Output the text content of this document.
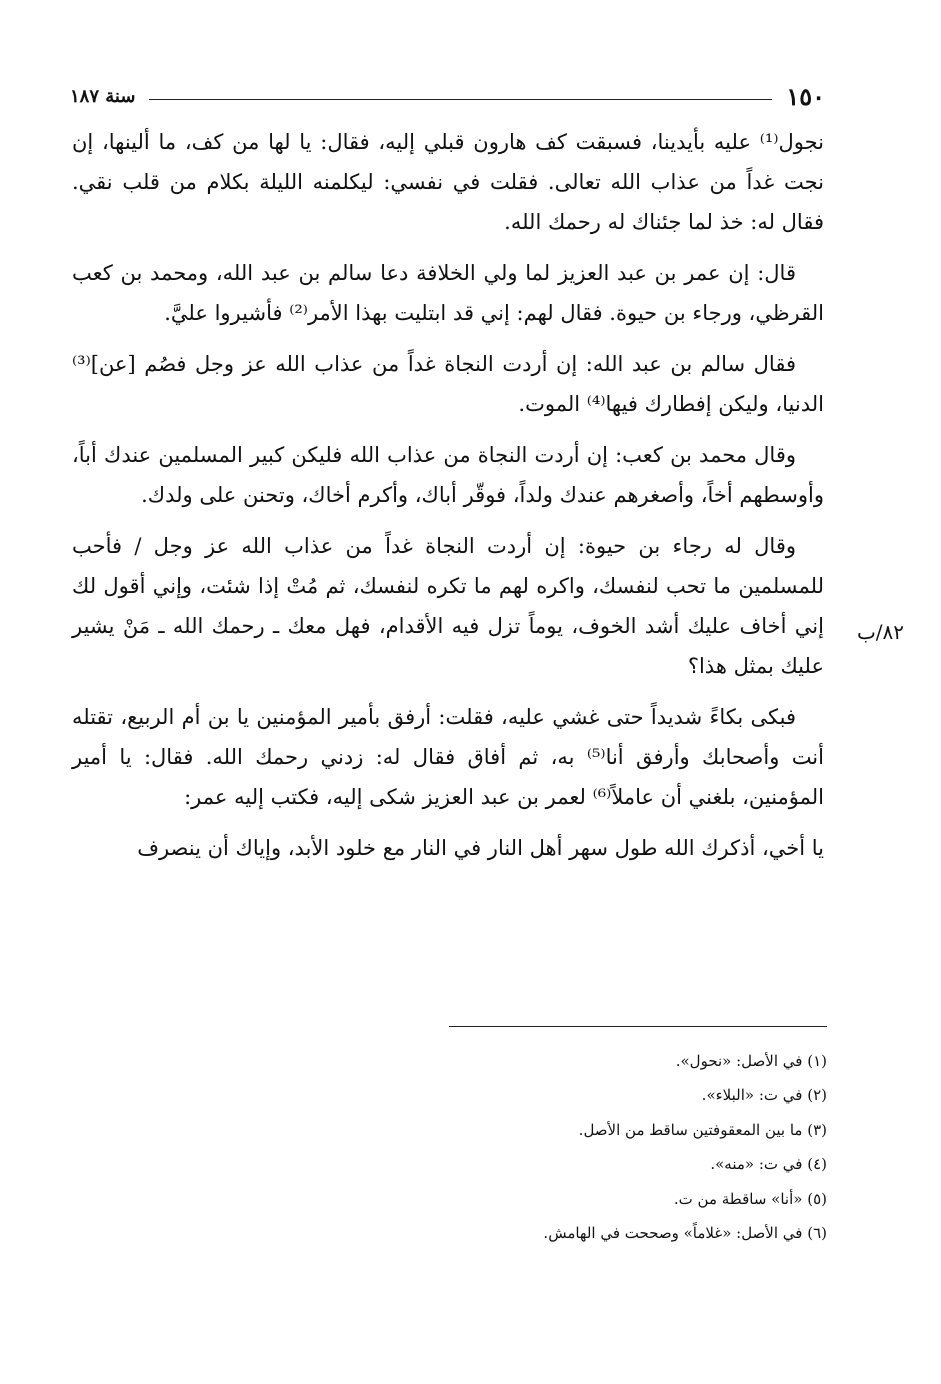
١٥٠
سنة ١٨٧
٨٢/ب

نجول⁽¹⁾ عليه بأيدينا، فسبقت كف هارون قبلي إليه، فقال: يا لها من كف، ما ألينها، إن نجت غداً من عذاب الله تعالى. فقلت في نفسي: ليكلمنه الليلة بكلام من قلب نقي. فقال له: خذ لما جئناك له رحمك الله.

قال: إن عمر بن عبد العزيز لما ولي الخلافة دعا سالم بن عبد الله، ومحمد بن كعب القرظي، ورجاء بن حيوة. فقال لهم: إني قد ابتليت بهذا الأمر⁽²⁾ فأشيروا عليَّ.

فقال سالم بن عبد الله: إن أردت النجاة غداً من عذاب الله عز وجل فصُم [عن]⁽³⁾ الدنيا، وليكن إفطارك فيها⁽⁴⁾ الموت.

وقال محمد بن كعب: إن أردت النجاة من عذاب الله فليكن كبير المسلمين عندك أباً، وأوسطهم أخاً، وأصغرهم عندك ولداً، فوقّر أباك، وأكرم أخاك، وتحنن على ولدك.

وقال له رجاء بن حيوة: إن أردت النجاة غداً من عذاب الله عز وجل / فأحب للمسلمين ما تحب لنفسك، واكره لهم ما تكره لنفسك، ثم مُتْ إذا شئت، وإني أقول لك إني أخاف عليك أشد الخوف، يوماً تزل فيه الأقدام، فهل معك ـ رحمك الله ـ مَنْ يشير عليك بمثل هذا؟

فبكى بكاءً شديداً حتى غشي عليه، فقلت: أرفق بأمير المؤمنين يا بن أم الربيع، تقتله أنت وأصحابك وأرفق أنا⁽⁵⁾ به، ثم أفاق فقال له: زدني رحمك الله. فقال: يا أمير المؤمنين، بلغني أن عاملاً⁽⁶⁾ لعمر بن عبد العزيز شكى إليه، فكتب إليه عمر:

يا أخي، أذكرك الله طول سهر أهل النار في النار مع خلود الأبد، وإياك أن ينصرف

(١) في الأصل: «نحول».
(٢) في ت: «البلاء».
(٣) ما بين المعقوفتين ساقط من الأصل.
(٤) في ت: «منه».
(٥) «أنا» ساقطة من ت.
(٦) في الأصل: «غلاماً» وصححت في الهامش.
